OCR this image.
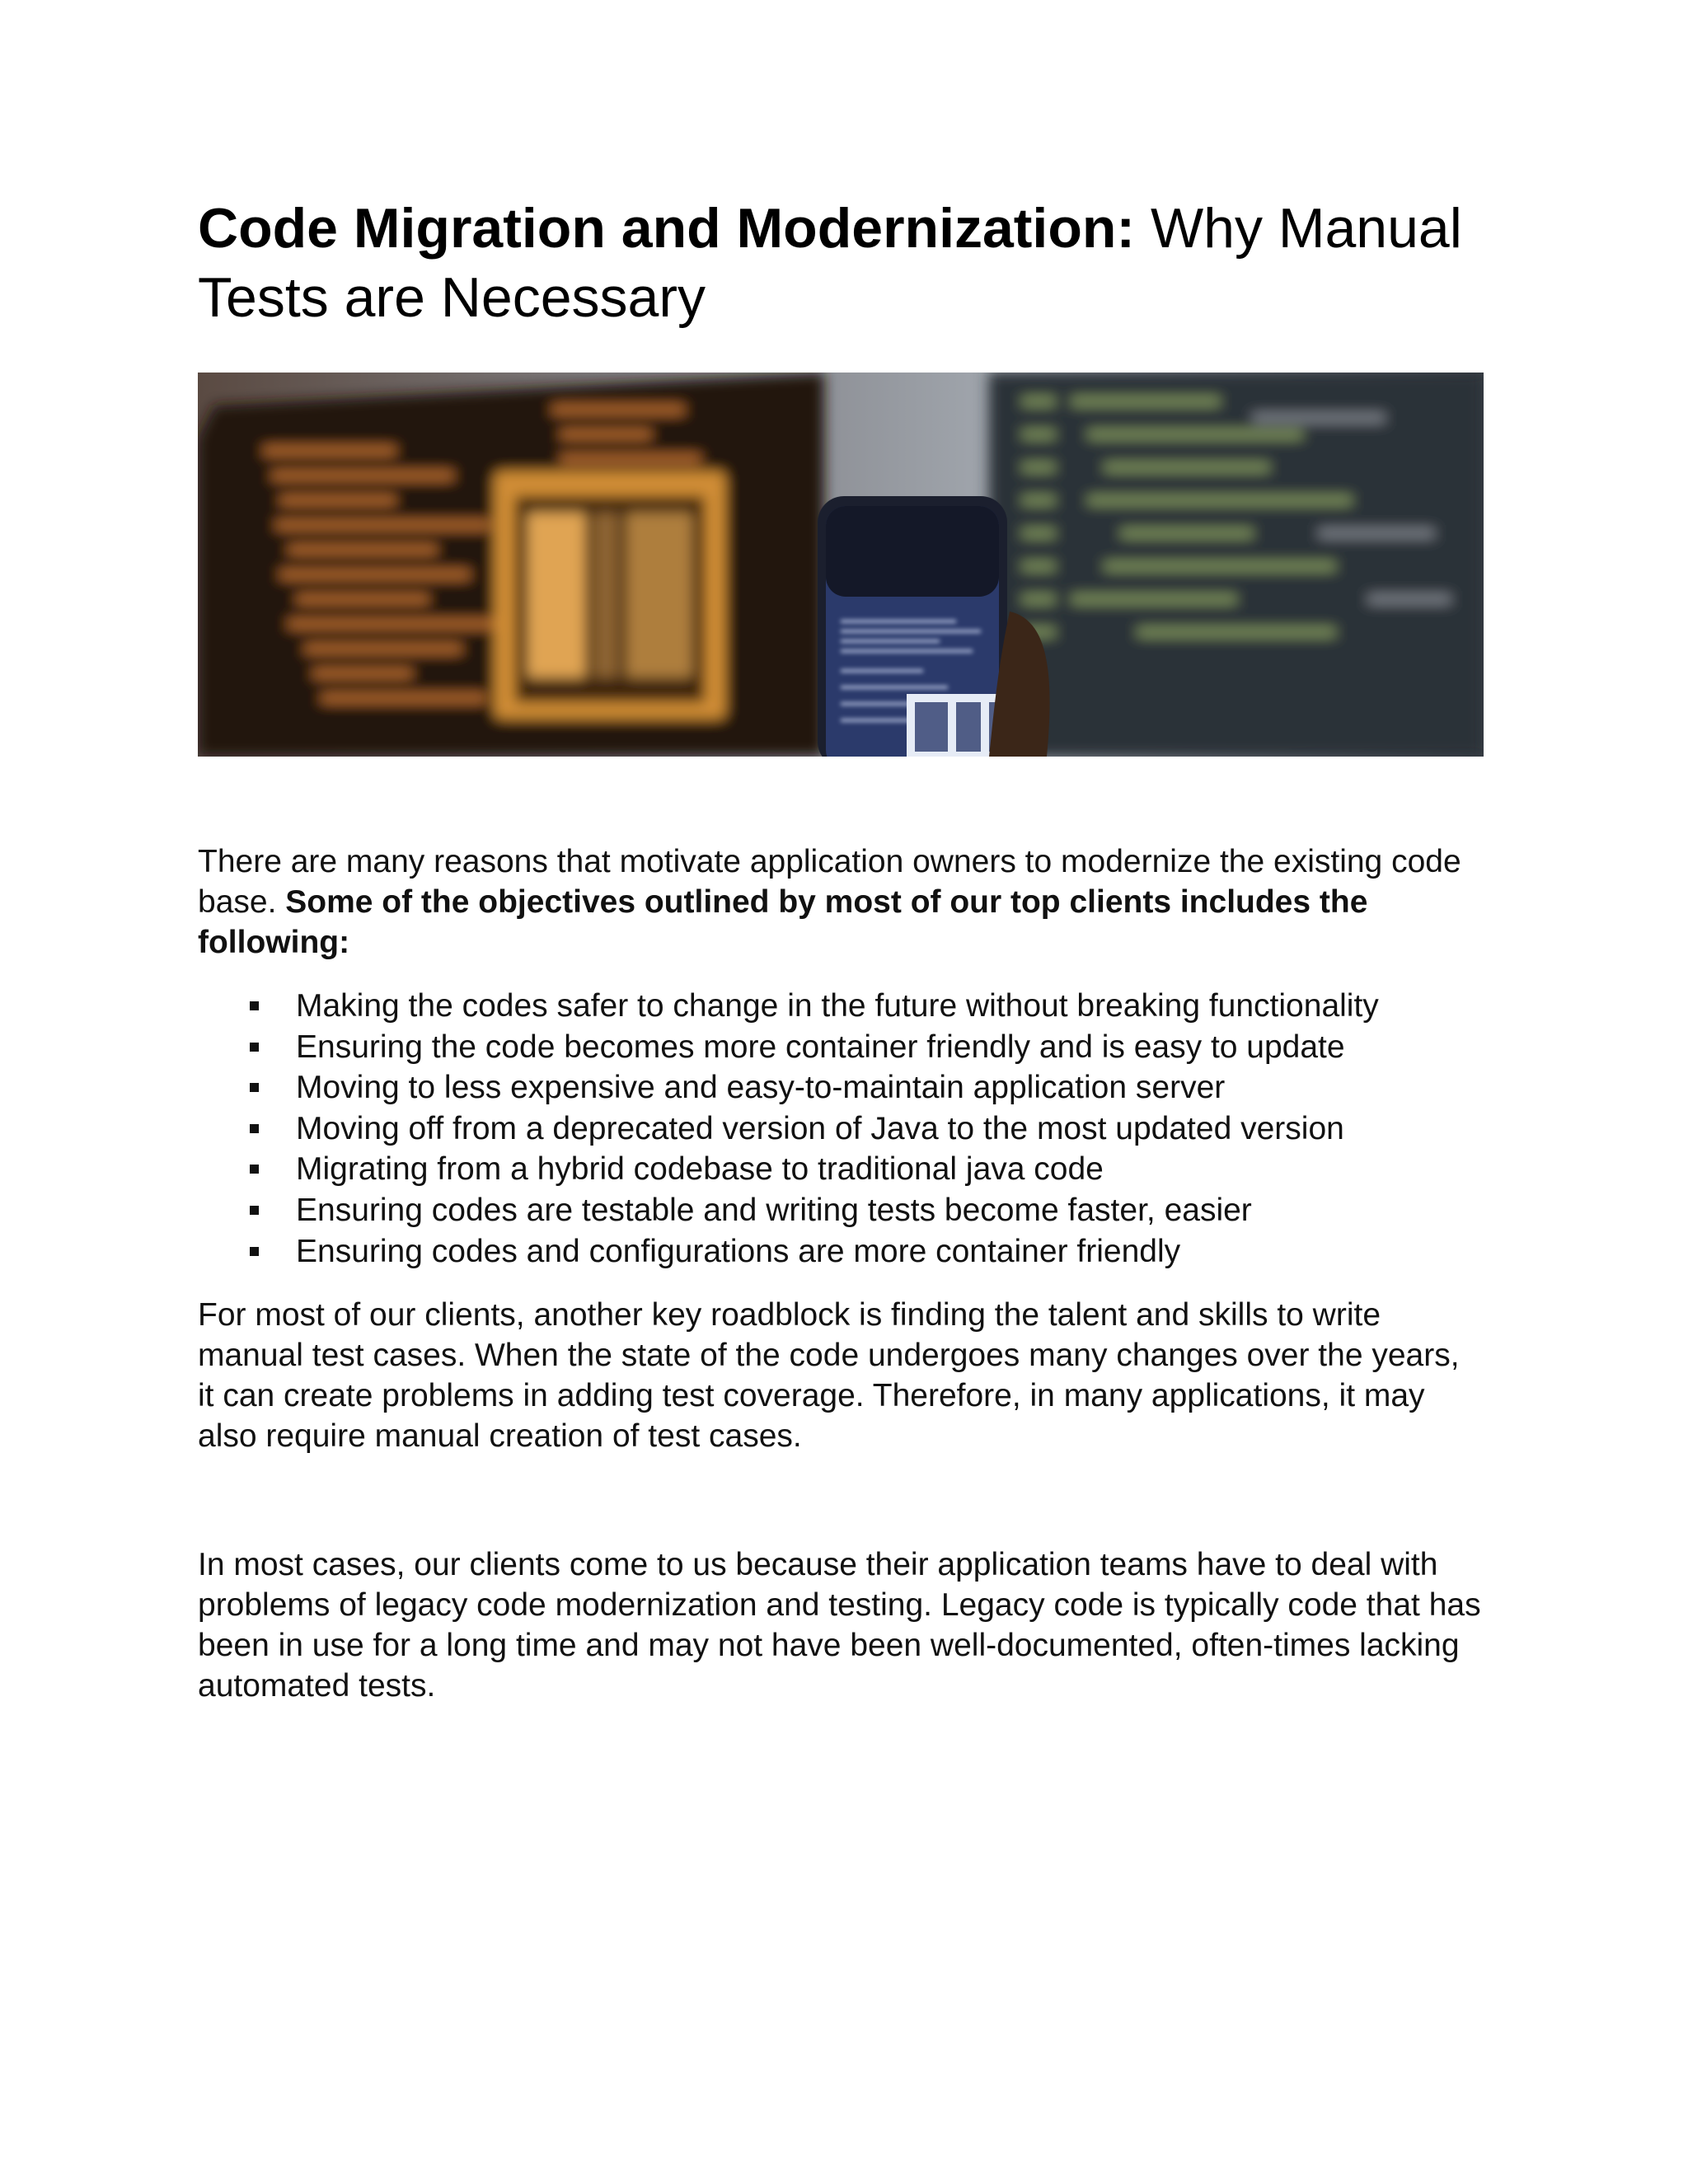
Code Migration and Modernization: Why Manual Tests are Necessary

There are many reasons that motivate application owners to modernize the existing code base. Some of the objectives outlined by most of our top clients includes the following:

Making the codes safer to change in the future without breaking functionality
Ensuring the code becomes more container friendly and is easy to update
Moving to less expensive and easy-to-maintain application server
Moving off from a deprecated version of Java to the most updated version
Migrating from a hybrid codebase to traditional java code
Ensuring codes are testable and writing tests become faster, easier
Ensuring codes and configurations are more container friendly

For most of our clients, another key roadblock is finding the talent and skills to write manual test cases. When the state of the code undergoes many changes over the years, it can create problems in adding test coverage. Therefore, in many applications, it may also require manual creation of test cases.

In most cases, our clients come to us because their application teams have to deal with problems of legacy code modernization and testing. Legacy code is typically code that has been in use for a long time and may not have been well-documented, often-times lacking automated tests.
